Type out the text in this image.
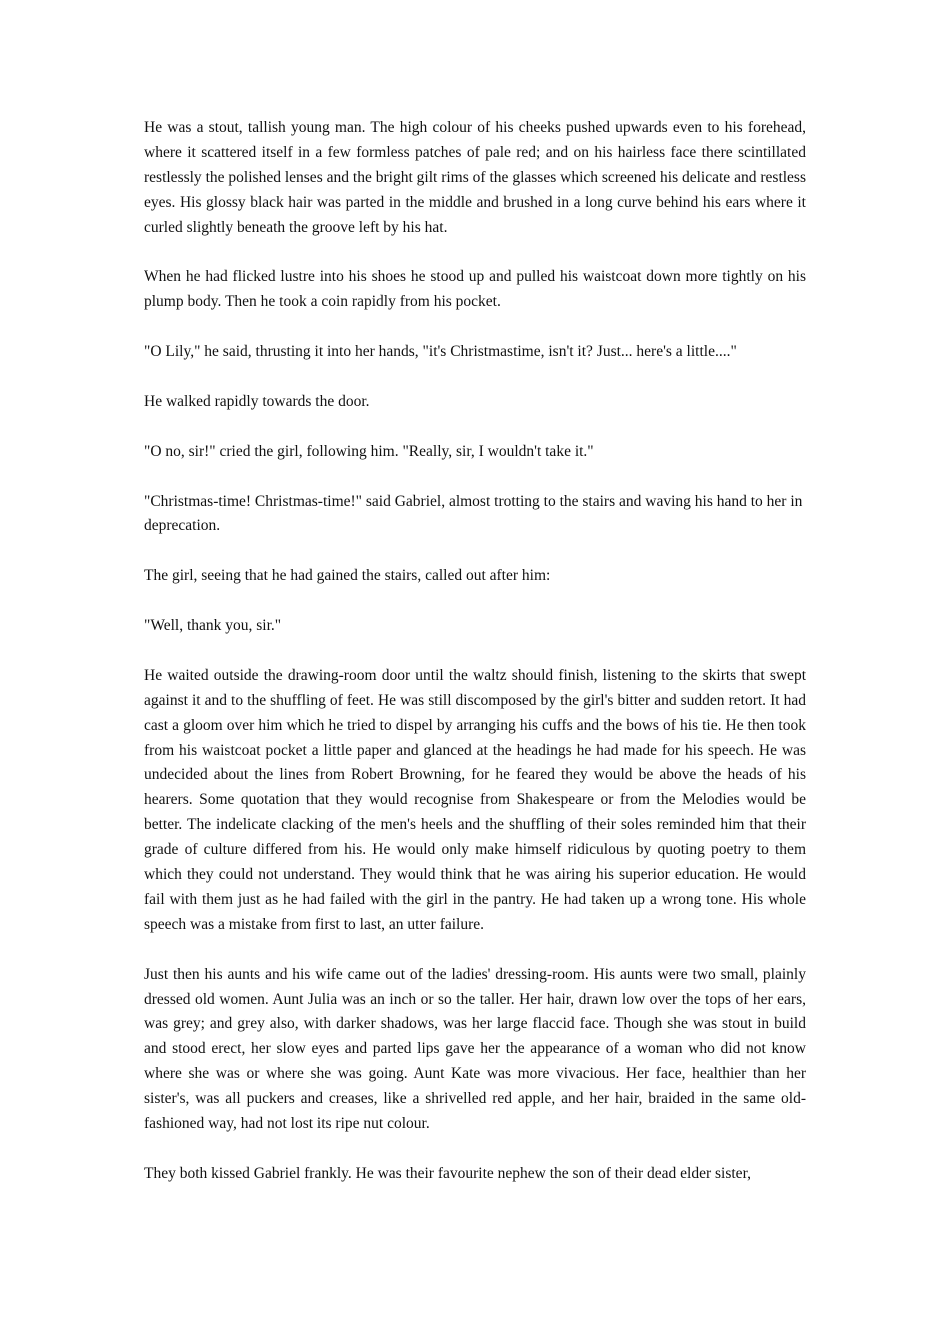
He was a stout, tallish young man. The high colour of his cheeks pushed upwards even to his forehead, where it scattered itself in a few formless patches of pale red; and on his hairless face there scintillated restlessly the polished lenses and the bright gilt rims of the glasses which screened his delicate and restless eyes. His glossy black hair was parted in the middle and brushed in a long curve behind his ears where it curled slightly beneath the groove left by his hat.

When he had flicked lustre into his shoes he stood up and pulled his waistcoat down more tightly on his plump body. Then he took a coin rapidly from his pocket.

"O Lily," he said, thrusting it into her hands, "it's Christmastime, isn't it? Just... here's a little...."

He walked rapidly towards the door.

"O no, sir!" cried the girl, following him. "Really, sir, I wouldn't take it."

"Christmas-time! Christmas-time!" said Gabriel, almost trotting to the stairs and waving his hand to her in deprecation.

The girl, seeing that he had gained the stairs, called out after him:

"Well, thank you, sir."

He waited outside the drawing-room door until the waltz should finish, listening to the skirts that swept against it and to the shuffling of feet. He was still discomposed by the girl's bitter and sudden retort. It had cast a gloom over him which he tried to dispel by arranging his cuffs and the bows of his tie. He then took from his waistcoat pocket a little paper and glanced at the headings he had made for his speech. He was undecided about the lines from Robert Browning, for he feared they would be above the heads of his hearers. Some quotation that they would recognise from Shakespeare or from the Melodies would be better. The indelicate clacking of the men's heels and the shuffling of their soles reminded him that their grade of culture differed from his. He would only make himself ridiculous by quoting poetry to them which they could not understand. They would think that he was airing his superior education. He would fail with them just as he had failed with the girl in the pantry. He had taken up a wrong tone. His whole speech was a mistake from first to last, an utter failure.

Just then his aunts and his wife came out of the ladies' dressing-room. His aunts were two small, plainly dressed old women. Aunt Julia was an inch or so the taller. Her hair, drawn low over the tops of her ears, was grey; and grey also, with darker shadows, was her large flaccid face. Though she was stout in build and stood erect, her slow eyes and parted lips gave her the appearance of a woman who did not know where she was or where she was going. Aunt Kate was more vivacious. Her face, healthier than her sister's, was all puckers and creases, like a shrivelled red apple, and her hair, braided in the same old-fashioned way, had not lost its ripe nut colour.

They both kissed Gabriel frankly. He was their favourite nephew the son of their dead elder sister,
